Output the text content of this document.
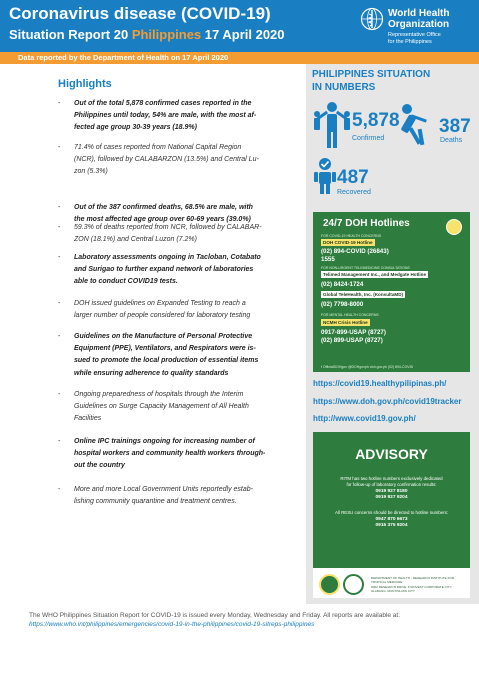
Coronavirus disease (COVID-19)
Situation Report 20 Philippines 17 April 2020
World Health
Organization
Representative Office
for the Philippines
Data reported by the Department of Health on 17 April 2020
Highlights
- Out of the total 5,878 confirmed cases reported in the
Philippines until today, 54% are male, with the most af-
fected age group 30-39 years (18.9%)
- 71.4% of cases reported from National Capital Region
(NCR), followed by CALABARZON (13.5%) and Central Lu-
zon (5.3%)
- Out of the 387 confirmed deaths, 68.5% are male, with
the most affected age group over 60-69 years (39.0%)
- 59.3% of deaths reported from NCR, followed by CALABAR-
ZON (18.1%) and Central Luzon (7.2%)
- Laboratory assessments ongoing in Tacloban, Cotabato
and Surigao to further expand network of laboratories
able to conduct COVID19 tests.
- DOH issued guidelines on Expanded Testing to reach a
larger number of people considered for laboratory testing
- Guidelines on the Manufacture of Personal Protective
Equipment (PPE), Ventilators, and Respirators were is-
sued to promote the local production of essential items
while ensuring adherence to quality standards
- Ongoing preparedness of hospitals through the Interim
Guidelines on Surge Capacity Management of All Health
Facilities
- Online IPC trainings ongoing for increasing number of
hospital workers and community health workers through-
out the country
- More and more Local Government Units reportedly estab-
lishing community quarantine and treatment centres.
PHILIPPINES SITUATION
IN NUMBERS
5,878
Confirmed
387
Deaths
487
Recovered
24/7 DOH Hotlines
FOR COVID-19 HEALTH CONCERNS
DOH COVID-19 Hotline
(02) 894-COVID (26843)
1555
FOR NON-URGENT TELEMEDICINE CONSULTATIONS
Telimed Management Inc., and Medgate Hotline
(02) 8424-1724
Global TeleHealth, Inc. (KonsultaMD)
(02) 7798-8000
FOR MENTAL HEALTH CONCERNS
NCMH Crisis Hotline
0917-899-USAP (8727)
(02) 899-USAP (8727)
f OfficialDOHgov @DOHgovph doh.gov.ph (02) 894-COVID
https://covid19.healthypilipinas.ph/
https://www.doh.gov.ph/covid19tracker
http://www.covid19.gov.ph/
ADVISORY
RITM has two hotline numbers exclusively dedicated
for follow-up of laboratory confirmation results:
0919 927 8180
0919 927 9204
All RESU concerns should be directed to hotline numbers:
0947 870 6673
0915 375 9204
DEPARTMENT OF HEALTH - RESEARCH INSTITUTE FOR TROPICAL MEDICINE
9002 RESEARCH DRIVE, FILINVEST CORPORATE CITY,
ALABANG, MUNTINLUPA CITY
The WHO Philippines Situation Report for COVID-19 is issued every Monday, Wednesday and Friday. All reports are available at: https://www.who.int/philippines/emergencies/covid-19-in-the-philippines/covid-19-sitreps-philippines
